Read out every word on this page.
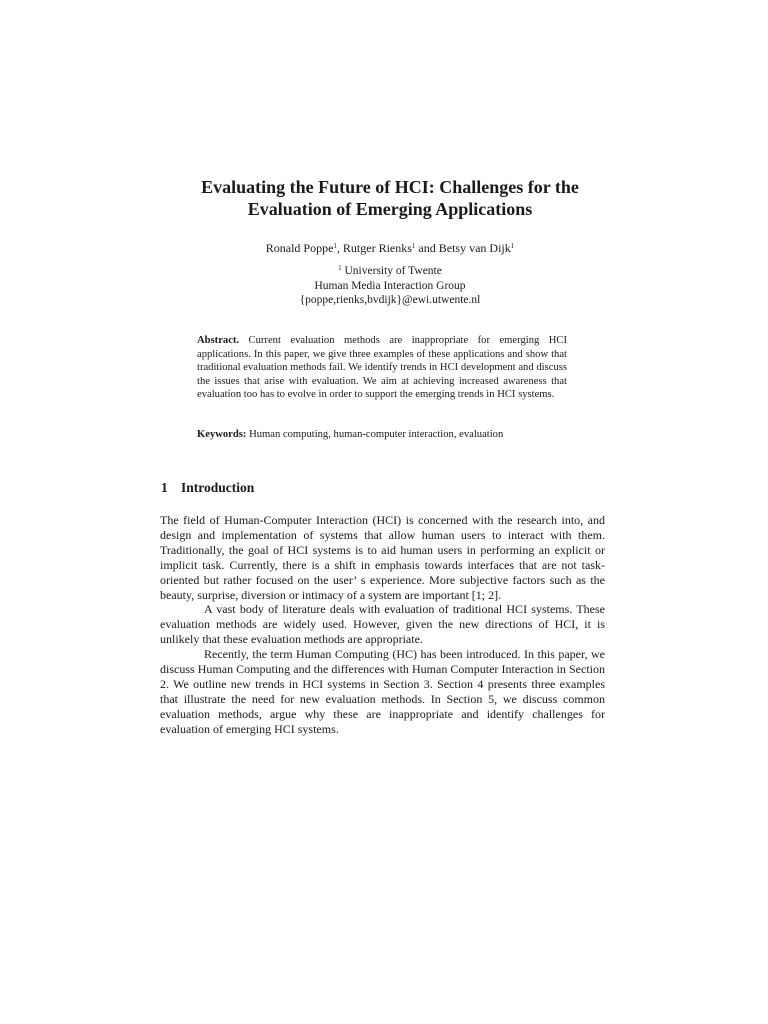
Evaluating the Future of HCI: Challenges for the
Evaluation of Emerging Applications
Ronald Poppe$^1$, Rutger Rienks$^1$ and Betsy van Dijk$^1$
$^1$ University of Twente
Human Media Interaction Group
{poppe,rienks,bvdijk}@ewi.utwente.nl

Abstract. Current evaluation methods are inappropriate for emerging HCI applications. In this paper, we give three examples of these applications and show that traditional evaluation methods fail. We identify trends in HCI development and discuss the issues that arise with evaluation. We aim at achieving increased awareness that evaluation too has to evolve in order to support the emerging trends in HCI systems.

Keywords: Human computing, human-computer interaction, evaluation

1 Introduction

The field of Human-Computer Interaction (HCI) is concerned with the research into, and design and implementation of systems that allow human users to interact with them. Traditionally, the goal of HCI systems is to aid human users in performing an explicit or implicit task. Currently, there is a shift in emphasis towards interfaces that are not task-oriented but rather focused on the user’ s experience. More subjective factors such as the beauty, surprise, diversion or intimacy of a system are important [1; 2].

A vast body of literature deals with evaluation of traditional HCI systems. These evaluation methods are widely used. However, given the new directions of HCI, it is unlikely that these evaluation methods are appropriate.

Recently, the term Human Computing (HC) has been introduced. In this paper, we discuss Human Computing and the differences with Human Computer Interaction in Section 2. We outline new trends in HCI systems in Section 3. Section 4 presents three examples that illustrate the need for new evaluation methods. In Section 5, we discuss common evaluation methods, argue why these are inappropriate and identify challenges for evaluation of emerging HCI systems.
